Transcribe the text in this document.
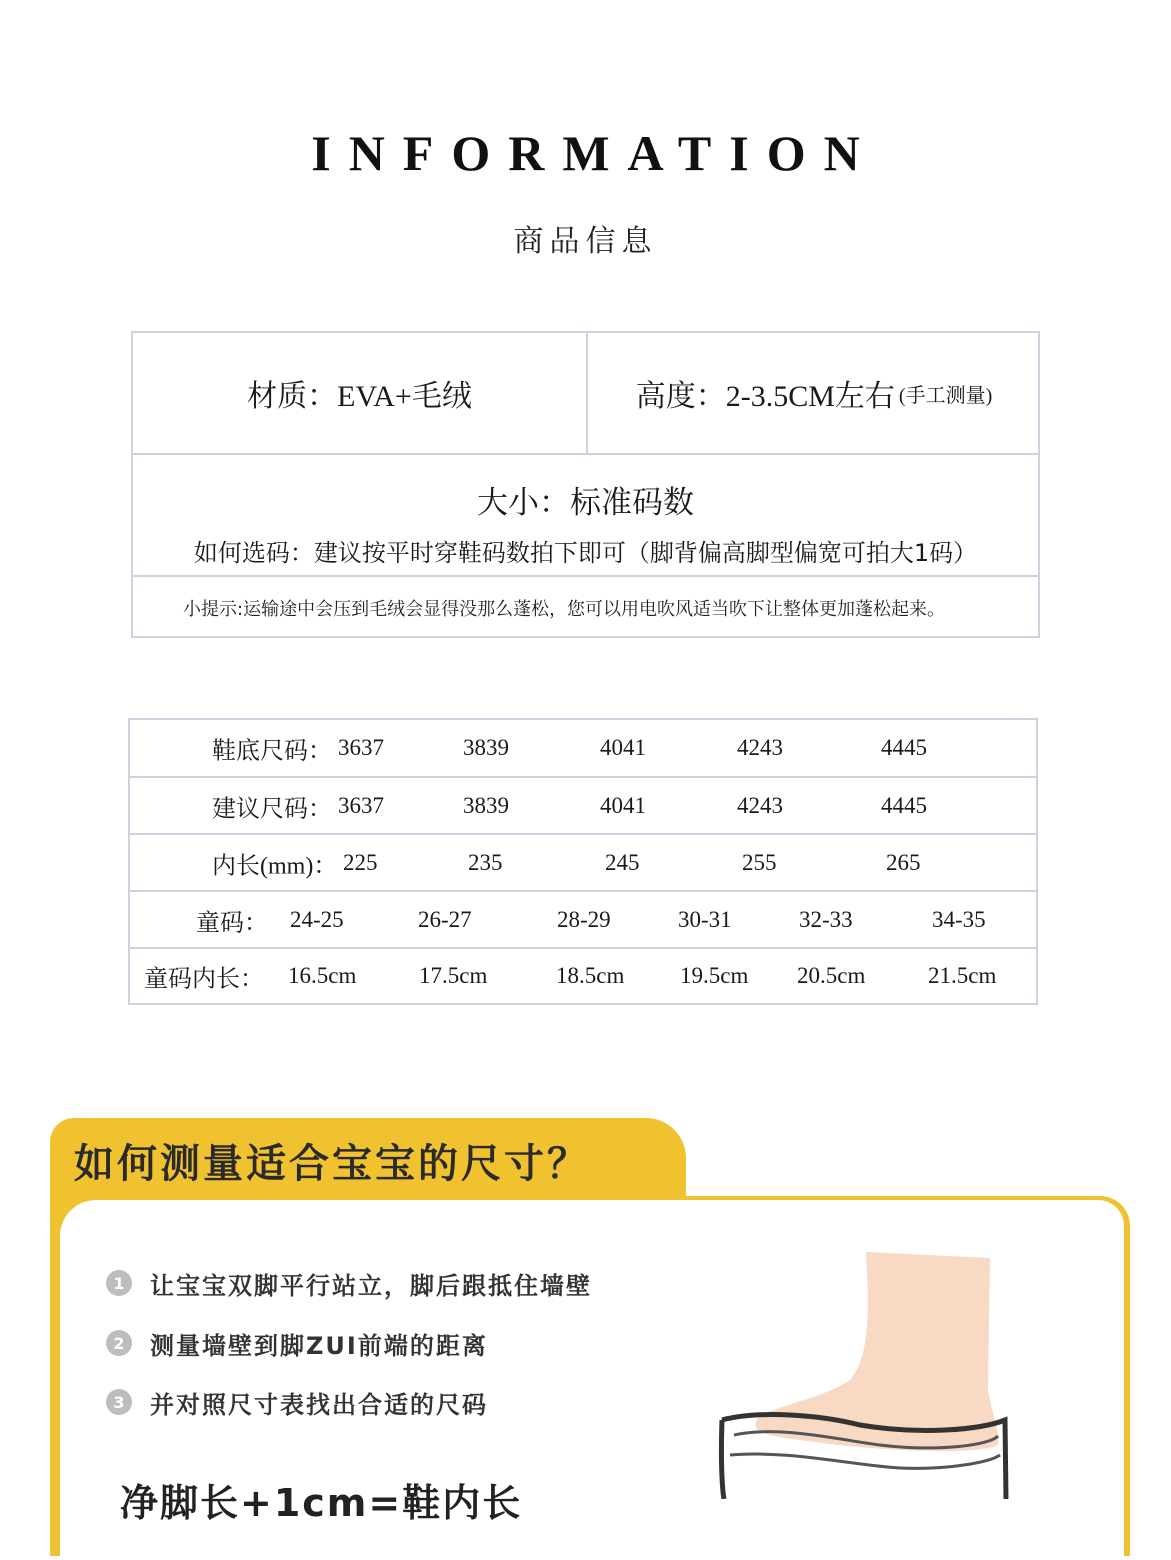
INFORMATION
商品信息
材质：EVA+毛绒	高度：2-3.5CM左右 (手工测量)
大小：标准码数
如何选码：建议按平时穿鞋码数拍下即可（脚背偏高脚型偏宽可拍大1码）
小提示:运输途中会压到毛绒会显得没那么蓬松，您可以用电吹风适当吹下让整体更加蓬松起来。
鞋底尺码： 3637	3839	4041	4243	4445
建议尺码： 3637	3839	4041	4243	4445
内长(mm)： 225	235	245	255	265
童码： 24-25	26-27	28-29	30-31	32-33	34-35
童码内长： 16.5cm	17.5cm	18.5cm 19.5cm 20.5cm	21.5cm
如何测量适合宝宝的尺寸？
1	让宝宝双脚平行站立，脚后跟抵住墙壁
2	测量墙壁到脚ZUI前端的距离
3	并对照尺寸表找出合适的尺码
净脚长+1cm=鞋内长
